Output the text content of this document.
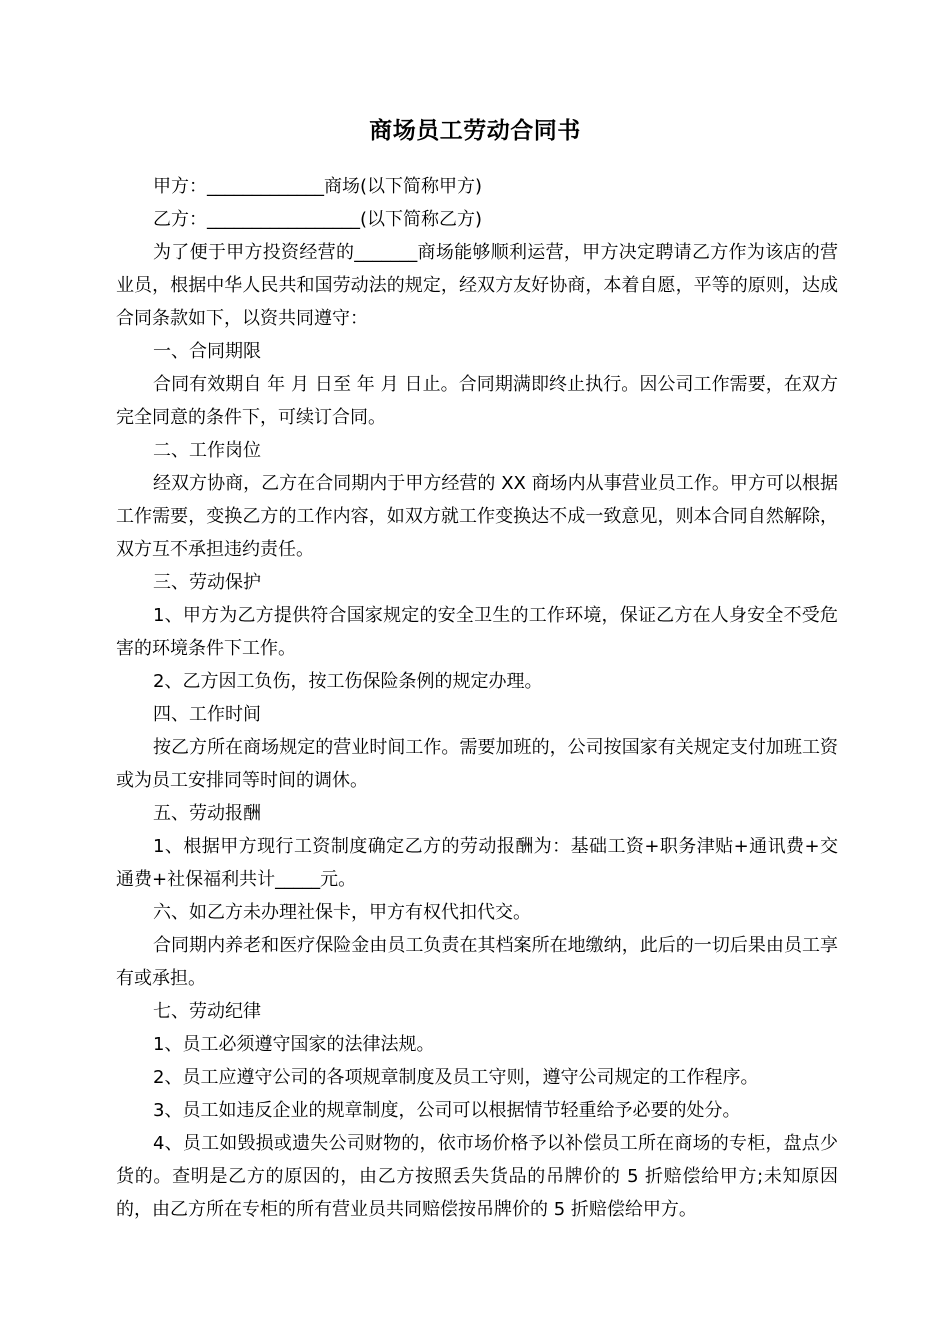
商场员工劳动合同书

甲方：_____________商场(以下简称甲方)

乙方：_________________(以下简称乙方)

为了便于甲方投资经营的_______商场能够顺利运营，甲方决定聘请乙方作为该店的营业员，根据中华人民共和国劳动法的规定，经双方友好协商，本着自愿，平等的原则，达成合同条款如下，以资共同遵守：

一、合同期限

合同有效期自 年 月 日至 年 月 日止。合同期满即终止执行。因公司工作需要，在双方完全同意的条件下，可续订合同。

二、工作岗位

经双方协商，乙方在合同期内于甲方经营的 XX 商场内从事营业员工作。甲方可以根据工作需要，变换乙方的工作内容，如双方就工作变换达不成一致意见，则本合同自然解除，双方互不承担违约责任。

三、劳动保护

1、甲方为乙方提供符合国家规定的安全卫生的工作环境，保证乙方在人身安全不受危害的环境条件下工作。

2、乙方因工负伤，按工伤保险条例的规定办理。

四、工作时间

按乙方所在商场规定的营业时间工作。需要加班的，公司按国家有关规定支付加班工资或为员工安排同等时间的调休。

五、劳动报酬

1、根据甲方现行工资制度确定乙方的劳动报酬为：基础工资+职务津贴+通讯费+交通费+社保福利共计_____元。

六、如乙方未办理社保卡，甲方有权代扣代交。

合同期内养老和医疗保险金由员工负责在其档案所在地缴纳，此后的一切后果由员工享有或承担。

七、劳动纪律

1、员工必须遵守国家的法律法规。

2、员工应遵守公司的各项规章制度及员工守则，遵守公司规定的工作程序。

3、员工如违反企业的规章制度，公司可以根据情节轻重给予必要的处分。

4、员工如毁损或遗失公司财物的，依市场价格予以补偿员工所在商场的专柜，盘点少货的。查明是乙方的原因的，由乙方按照丢失货品的吊牌价的 5 折赔偿给甲方;未知原因的，由乙方所在专柜的所有营业员共同赔偿按吊牌价的 5 折赔偿给甲方。
